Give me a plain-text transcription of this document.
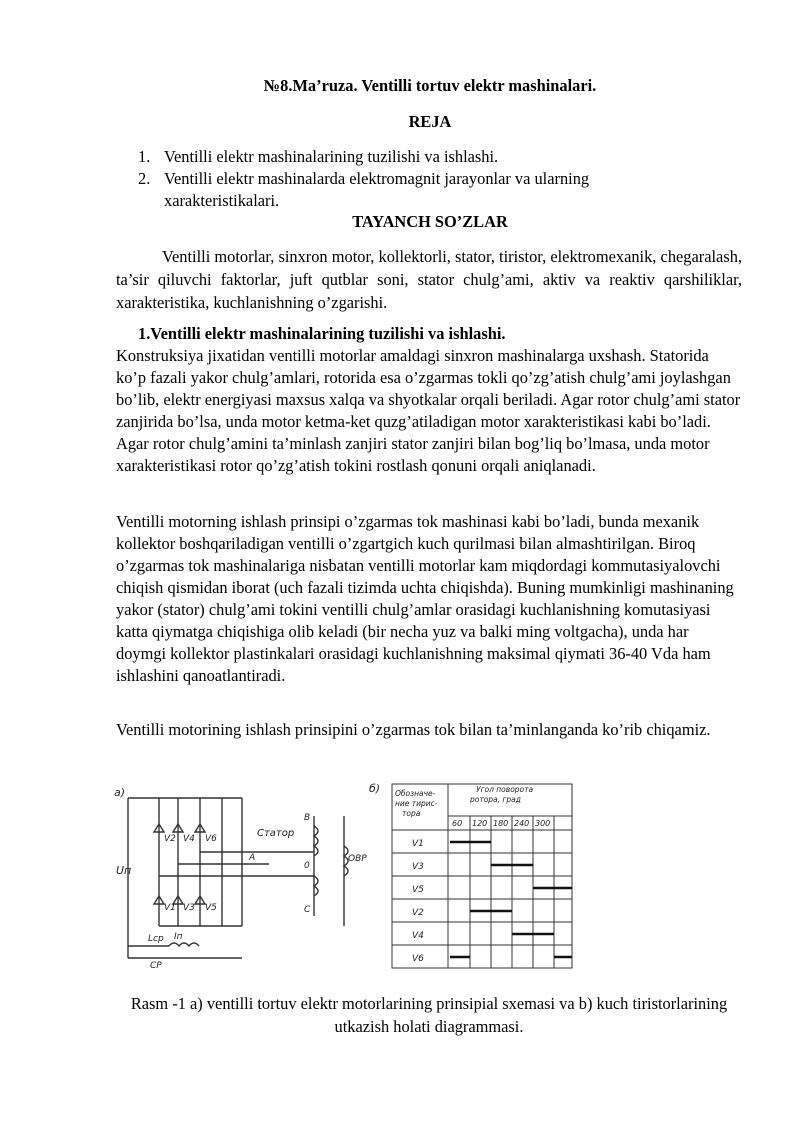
№8.Ma’ruza. Ventilli tortuv elektr mashinalari.
REJA
1. Ventilli elektr mashinalarining tuzilishi va ishlashi.
2. Ventilli elektr mashinalarda elektromagnit jarayonlar va ularning xarakteristikalari.
TAYANCH SO’ZLAR

Ventilli motorlar, sinxron motor, kollektorli, stator, tiristor, elektromexanik, chegaralash, ta’sir qiluvchi faktorlar, juft qutblar soni, stator chulg’ami, aktiv va reaktiv qarshiliklar, xarakteristika, kuchlanishning o’zgarishi.

1.Ventilli elektr mashinalarining tuzilishi va ishlashi.

Konstruksiya jixatidan ventilli motorlar amaldagi sinxron mashinalarga uxshash. Statorida ko’p fazali yakor chulg’amlari, rotorida esa o’zgarmas tokli qo’zg’atish chulg’ami joylashgan bo’lib, elektr energiyasi maxsus xalqa va shyotkalar orqali beriladi. Agar rotor chulg’ami stator zanjirida bo’lsa, unda motor ketma-ket quzg’atiladigan motor xarakteristikasi kabi bo’ladi. Agar rotor chulg’amini ta’minlash zanjiri stator zanjiri bilan bog’liq bo’lmasa, unda motor xarakteristikasi rotor qo’zg’atish tokini rostlash qonuni orqali aniqlanadi.

Ventilli motorning ishlash prinsipi o’zgarmas tok mashinasi kabi bo’ladi, bunda mexanik kollektor boshqariladigan ventilli o’zgartgich kuch qurilmasi bilan almashtirilgan. Biroq o’zgarmas tok mashinalariga nisbatan ventilli motorlar kam miqdordagi kommutasiyalovchi chiqish qismidan iborat (uch fazali tizimda uchta chiqishda). Buning mumkinligi mashinaning yakor (stator) chulg’ami tokini ventilli chulg’amlar orasidagi kuchlanishning komutasiyasi katta qiymatga chiqishiga olib keladi (bir necha yuz va balki ming voltgacha), unda har doymgi kollektor plastinkalari orasidagi kuchlanishning maksimal qiymati 36-40 Vda ham ishlashini qanoatlantiradi.

Ventilli motorining ishlash prinsipini o’zgarmas tok bilan ta’minlanganda ko’rib chiqamiz.

а)
Uп
V2 V4 V6
V1 V3 V5
Статор
B
A
C
0
ОВР
Lср Iп
СР
б) Обозначе-ние тирис-тора
Угол поворота ротора, град
60 120 180 240 300
V1
V3
V5
V2
V4
V6
Rasm -1 a) ventilli tortuv elektr motorlarining prinsipial sxemasi va b) kuch tiristorlarining utkazish holati diagrammasi.
